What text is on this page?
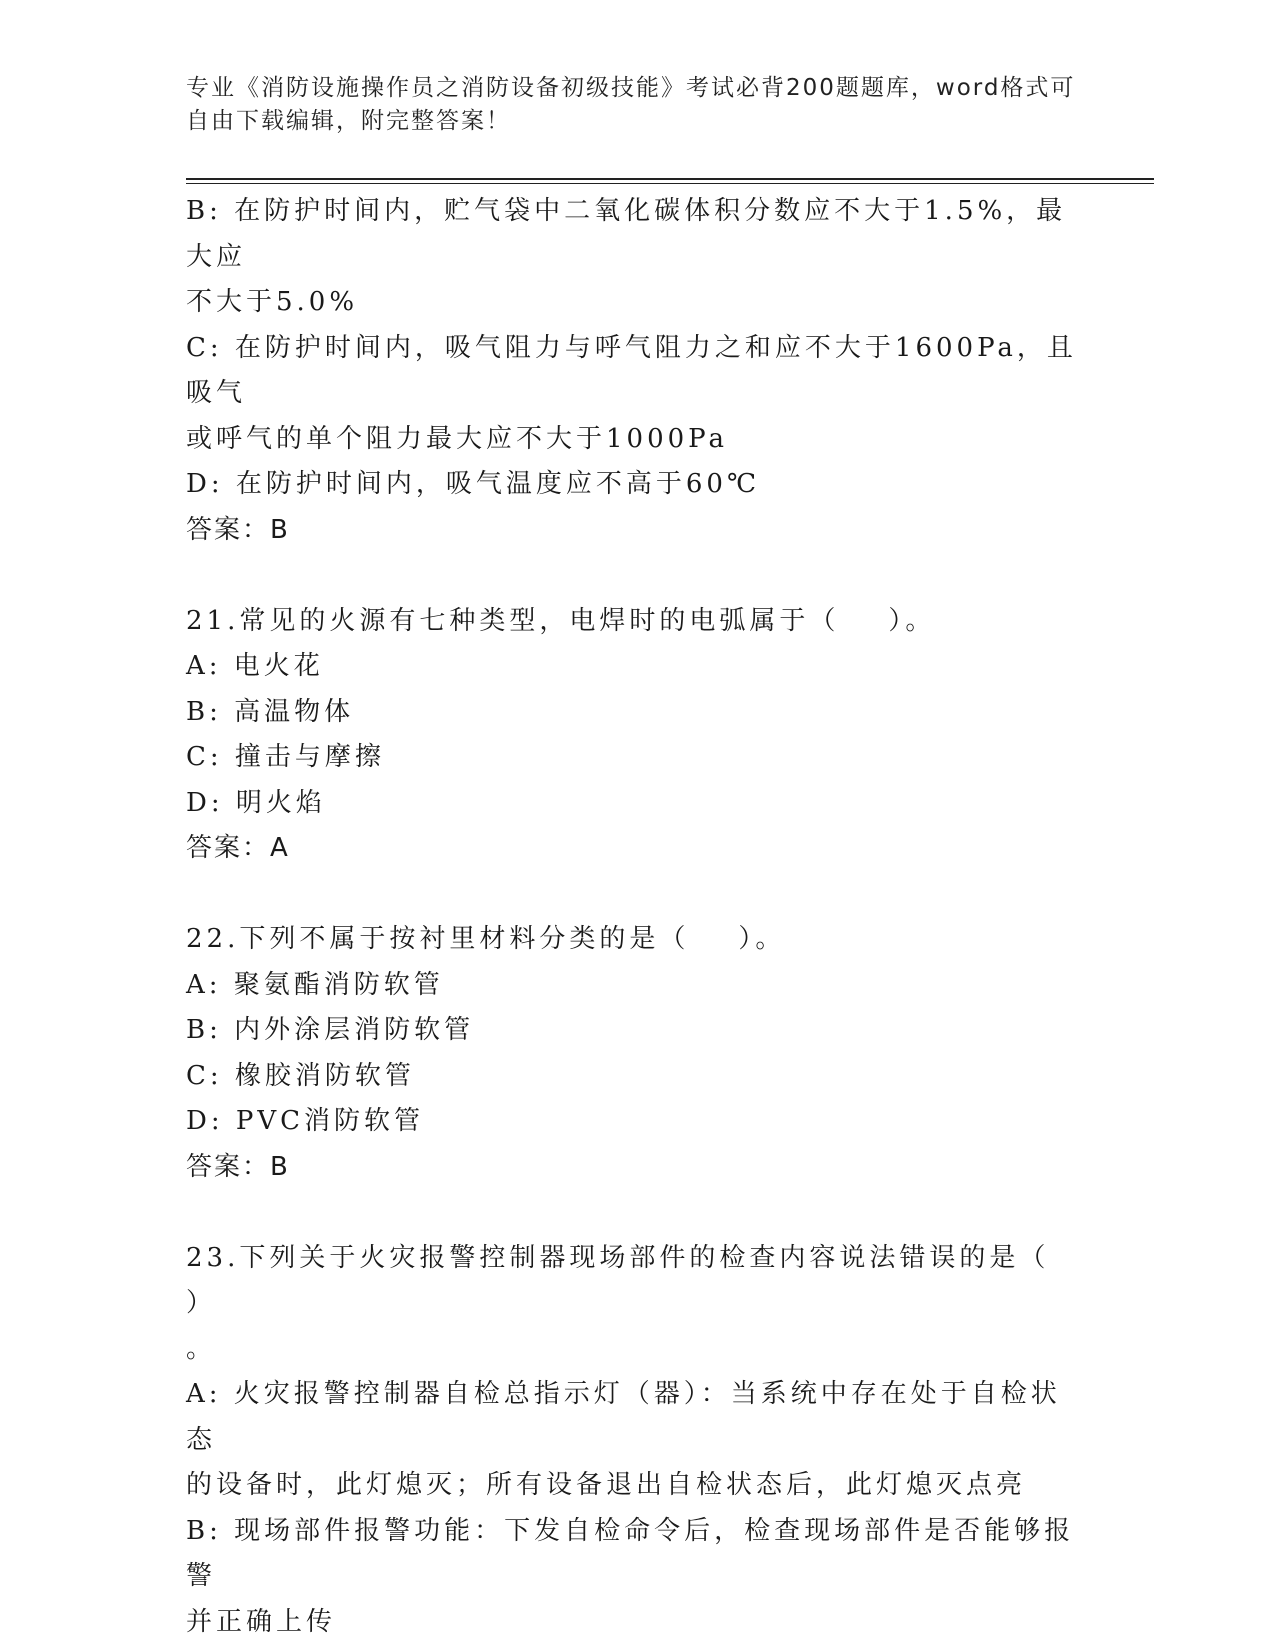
专业《消防设施操作员之消防设备初级技能》考试必背200题题库，word格式可
自由下载编辑，附完整答案！
B: 在防护时间内，贮气袋中二氧化碳体积分数应不大于1.5%，最大应
不大于5.0%
C: 在防护时间内，吸气阻力与呼气阻力之和应不大于1600Pa，且吸气
或呼气的单个阻力最大应不大于1000Pa
D: 在防护时间内，吸气温度应不高于60℃
答案：B
21.常见的火源有七种类型，电焊时的电弧属于（    ）。
A: 电火花
B: 高温物体
C: 撞击与摩擦
D: 明火焰
答案：A
22.下列不属于按衬里材料分类的是（    ）。
A: 聚氨酯消防软管
B: 内外涂层消防软管
C: 橡胶消防软管
D: PVC消防软管
答案：B
23.下列关于火灾报警控制器现场部件的检查内容说法错误的是（    ）
。
A: 火灾报警控制器自检总指示灯（器）：当系统中存在处于自检状态
的设备时，此灯熄灭；所有设备退出自检状态后，此灯熄灭点亮
B: 现场部件报警功能：下发自检命令后，检查现场部件是否能够报警
并正确上传
